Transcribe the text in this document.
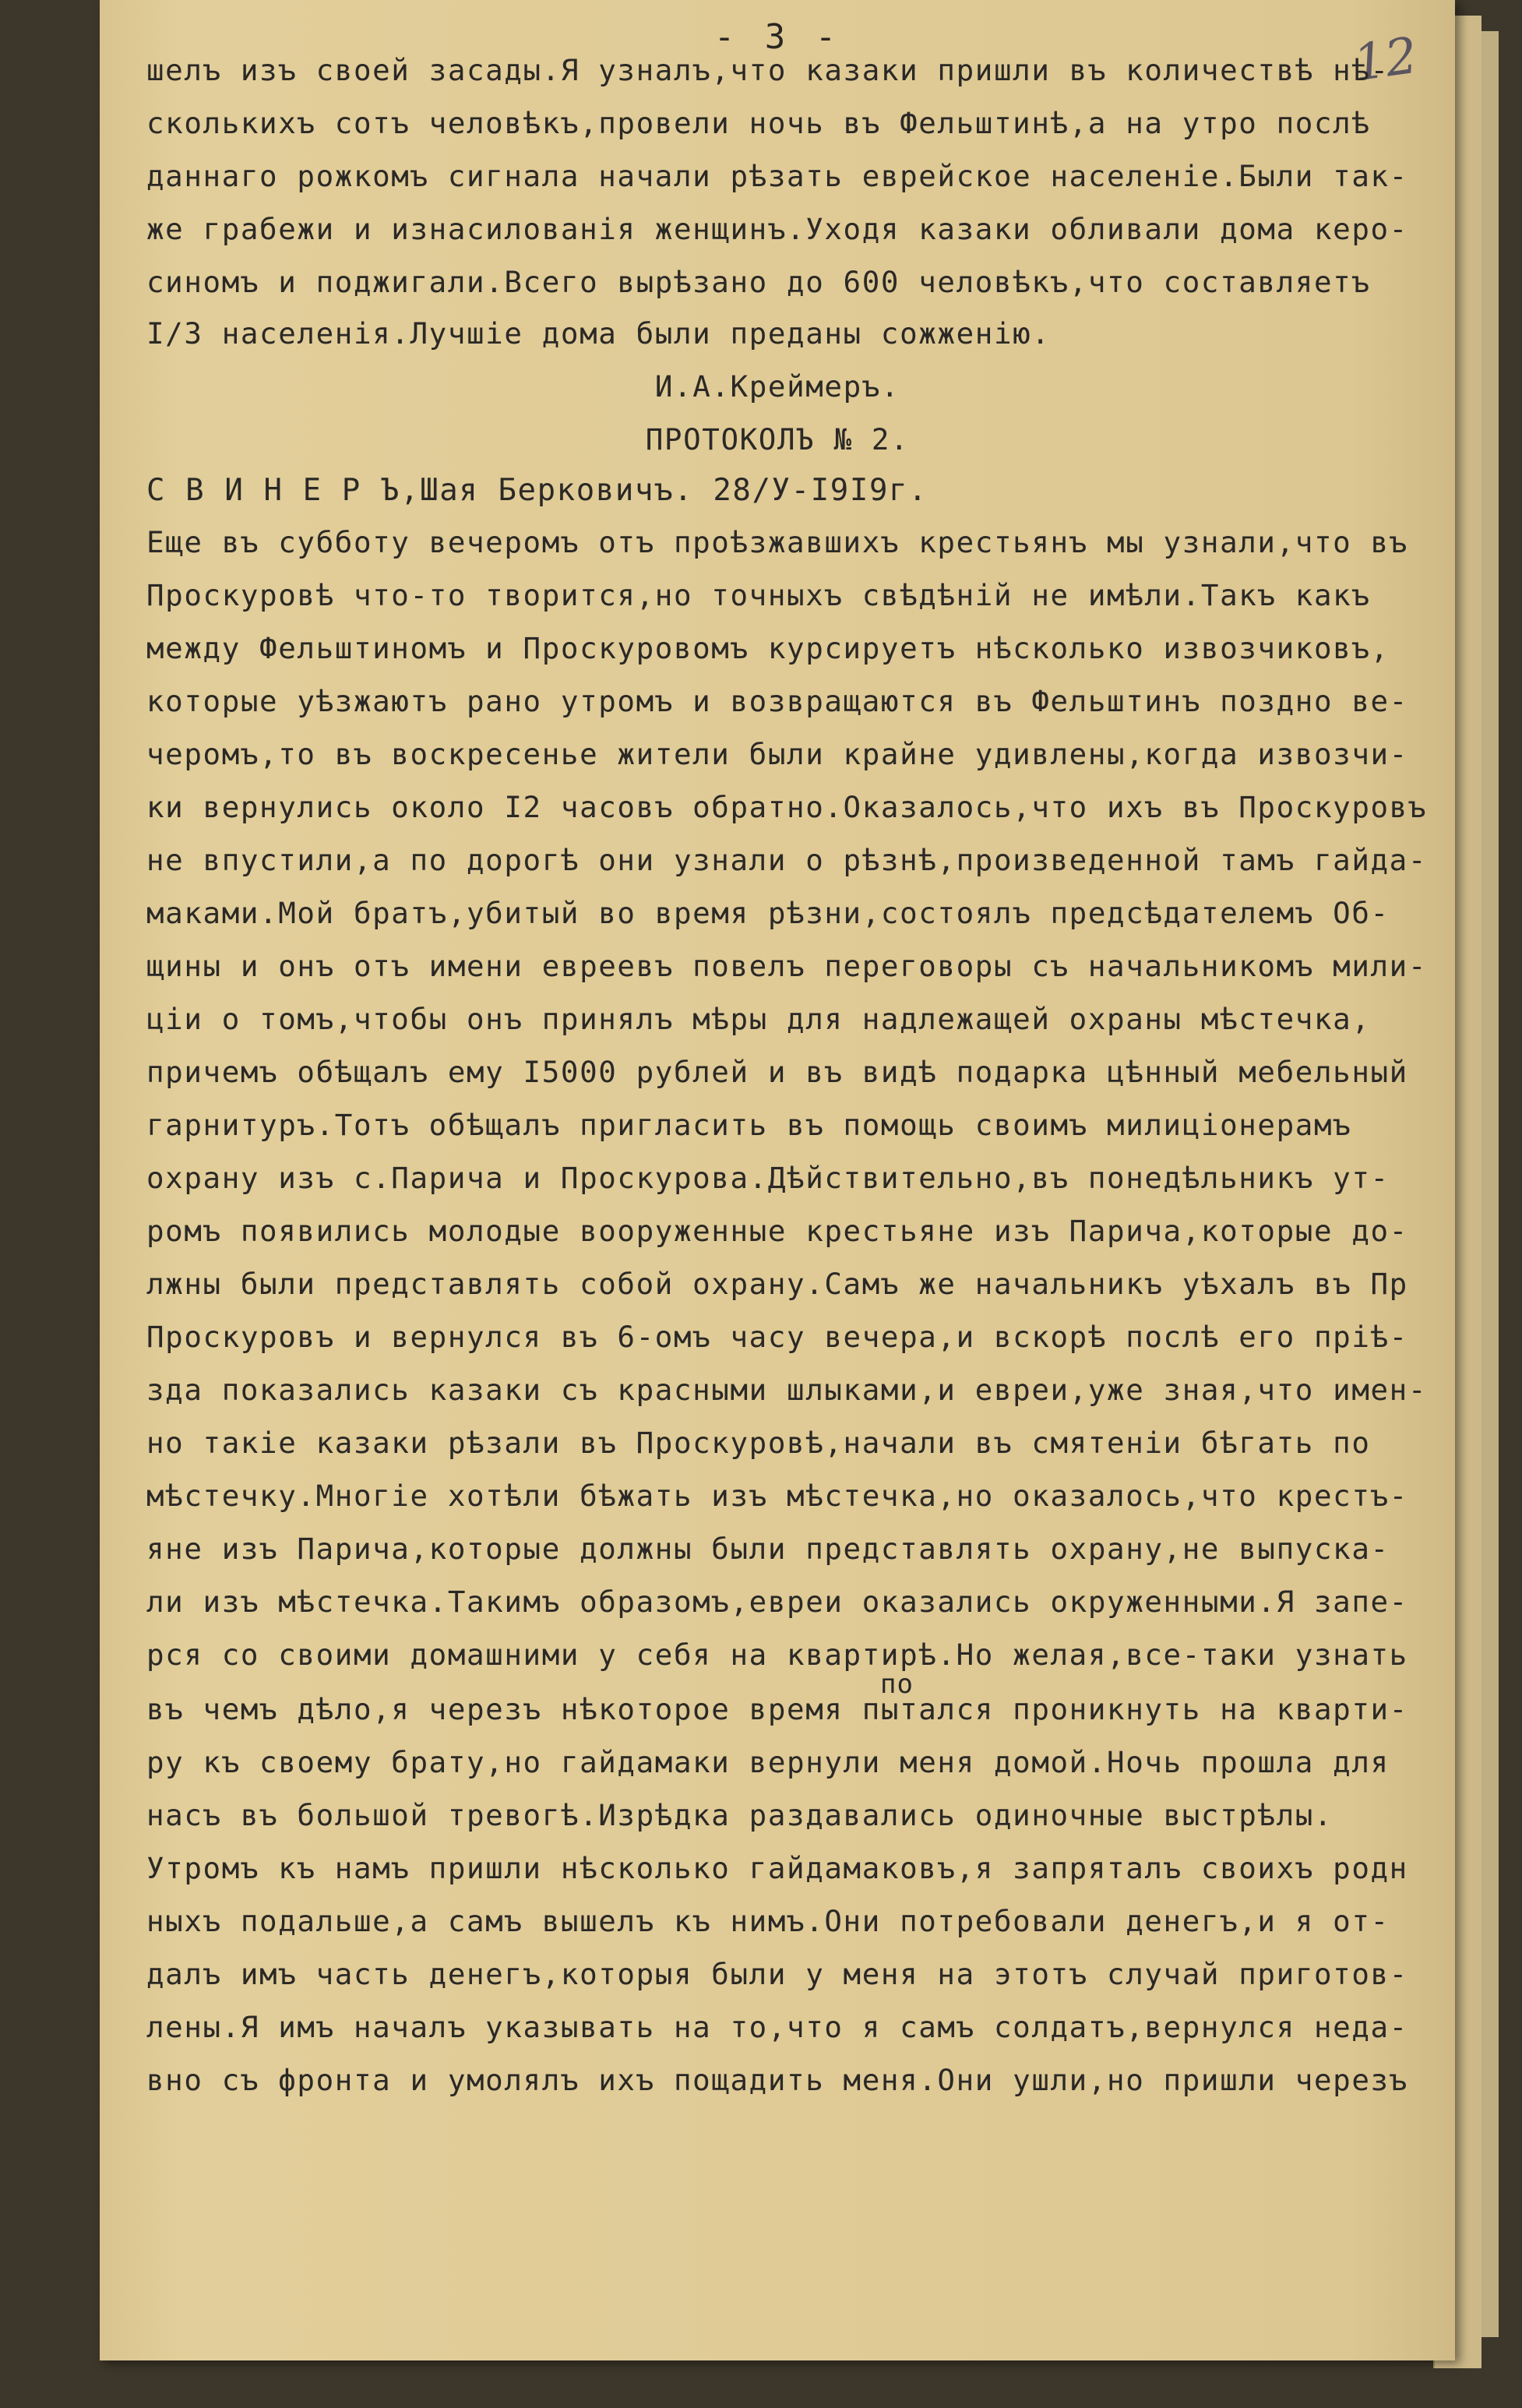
- 3 -	12
шелъ изъ своей засады.Я узналъ,что казаки пришли въ количествѣ нѣ-
сколькихъ сотъ человѣкъ,провели ночь въ Фельштинѣ,а на утро послѣ
даннаго рожкомъ сигнала начали рѣзать еврейское населеніе.Были так-
же грабежи и изнасилованія женщинъ.Уходя казаки обливали дома керо-
синомъ и поджигали.Всего вырѣзано до 600 человѣкъ,что составляетъ
I/3 населенія.Лучшіе дома были преданы сожженію.
И.А.Креймеръ.
ПРОТОКОЛЪ № 2.
С В И Н Е Р Ъ,Шая Берковичъ. 28/У-I9I9г.
Еще въ субботу вечеромъ отъ проѣзжавшихъ крестьянъ мы узнали,что въ
Проскуровѣ что-то творится,но точныхъ свѣдѣній не имѣли.Такъ какъ
между Фельштиномъ и Проскуровомъ курсируетъ нѣсколько извозчиковъ,
которые уѣзжаютъ рано утромъ и возвращаются въ Фельштинъ поздно ве-
черомъ,то въ воскресенье жители были крайне удивлены,когда извозчи-
ки вернулись около I2 часовъ обратно.Оказалось,что ихъ въ Проскуровъ
не впустили,а по дорогѣ они узнали о рѣзнѣ,произведенной тамъ гайда-
маками.Мой братъ,убитый во время рѣзни,состоялъ предсѣдателемъ Об-
щины и онъ отъ имени евреевъ повелъ переговоры съ начальникомъ мили-
ціи о томъ,чтобы онъ принялъ мѣры для надлежащей охраны мѣстечка,
причемъ обѣщалъ ему I5000 рублей и въ видѣ подарка цѣнный мебельный
гарнитуръ.Тотъ обѣщалъ пригласить въ помощь своимъ милиціонерамъ
охрану изъ с.Парича и Проскурова.Дѣйствительно,въ понедѣльникъ ут-
ромъ появились молодые вооруженные крестьяне изъ Парича,которые до-
лжны были представлять собой охрану.Самъ же начальникъ уѣхалъ въ Пр
Проскуровъ и вернулся въ 6-омъ часу вечера,и вскорѣ послѣ его пріѣ-
зда показались казаки съ красными шлыками,и евреи,уже зная,что имен-
но такіе казаки рѣзали въ Проскуровѣ,начали въ смятеніи бѣгать по
мѣстечку.Многіе хотѣли бѣжать изъ мѣстечка,но оказалось,что крестъ-
яне изъ Парича,которые должны были представлять охрану,не выпуска-
ли изъ мѣстечка.Такимъ образомъ,евреи оказались окруженными.Я запе-
рся со своими домашними у себя на квартирѣ.Но желая,все-таки узнать
по
въ чемъ дѣло,я черезъ нѣкоторое время пытался проникнуть на кварти-
ру къ своему брату,но гайдамаки вернули меня домой.Ночь прошла для
насъ въ большой тревогѣ.Изрѣдка раздавались одиночные выстрѣлы.
Утромъ къ намъ пришли нѣсколько гайдамаковъ,я запряталъ своихъ родн
ныхъ подальше,а самъ вышелъ къ нимъ.Они потребовали денегъ,и я от-
далъ имъ часть денегъ,которыя были у меня на этотъ случай приготов-
лены.Я имъ началъ указывать на то,что я самъ солдатъ,вернулся неда-
вно съ фронта и умолялъ ихъ пощадить меня.Они ушли,но пришли черезъ
